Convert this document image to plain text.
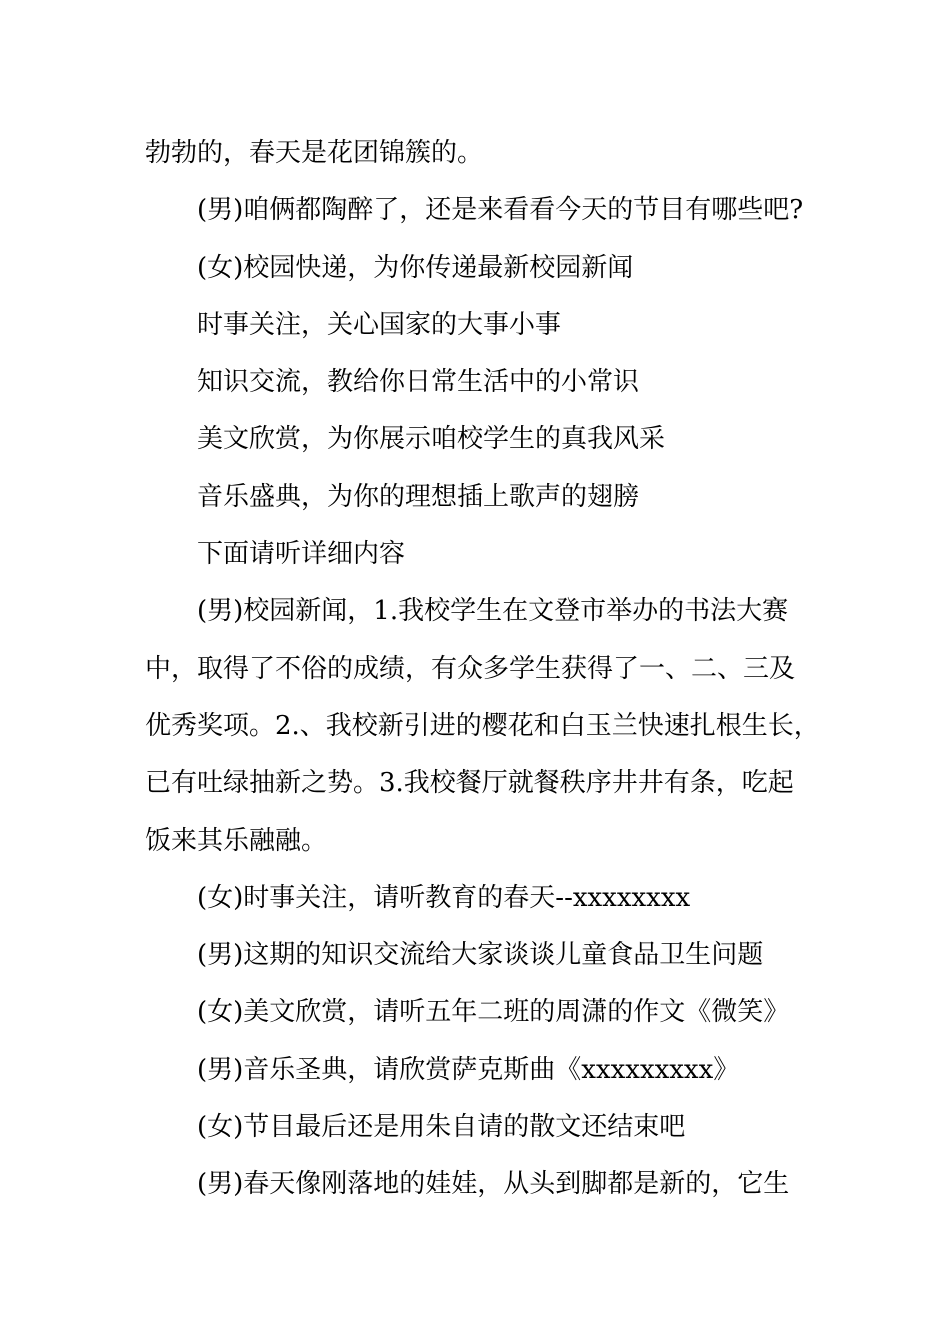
勃勃的，春天是花团锦簇的。
(男)咱俩都陶醉了，还是来看看今天的节目有哪些吧?
(女)校园快递，为你传递最新校园新闻
时事关注，关心国家的大事小事
知识交流，教给你日常生活中的小常识
美文欣赏，为你展示咱校学生的真我风采
音乐盛典，为你的理想插上歌声的翅膀
下面请听详细内容
(男)校园新闻，1.我校学生在文登市举办的书法大赛
中，取得了不俗的成绩，有众多学生获得了一、二、三及
优秀奖项。2.、我校新引进的樱花和白玉兰快速扎根生长，
已有吐绿抽新之势。3.我校餐厅就餐秩序井井有条，吃起
饭来其乐融融。
(女)时事关注，请听教育的春天--xxxxxxxx
(男)这期的知识交流给大家谈谈儿童食品卫生问题
(女)美文欣赏，请听五年二班的周潇的作文《微笑》
(男)音乐圣典，请欣赏萨克斯曲《xxxxxxxxx》
(女)节目最后还是用朱自请的散文还结束吧
(男)春天像刚落地的娃娃，从头到脚都是新的，它生
